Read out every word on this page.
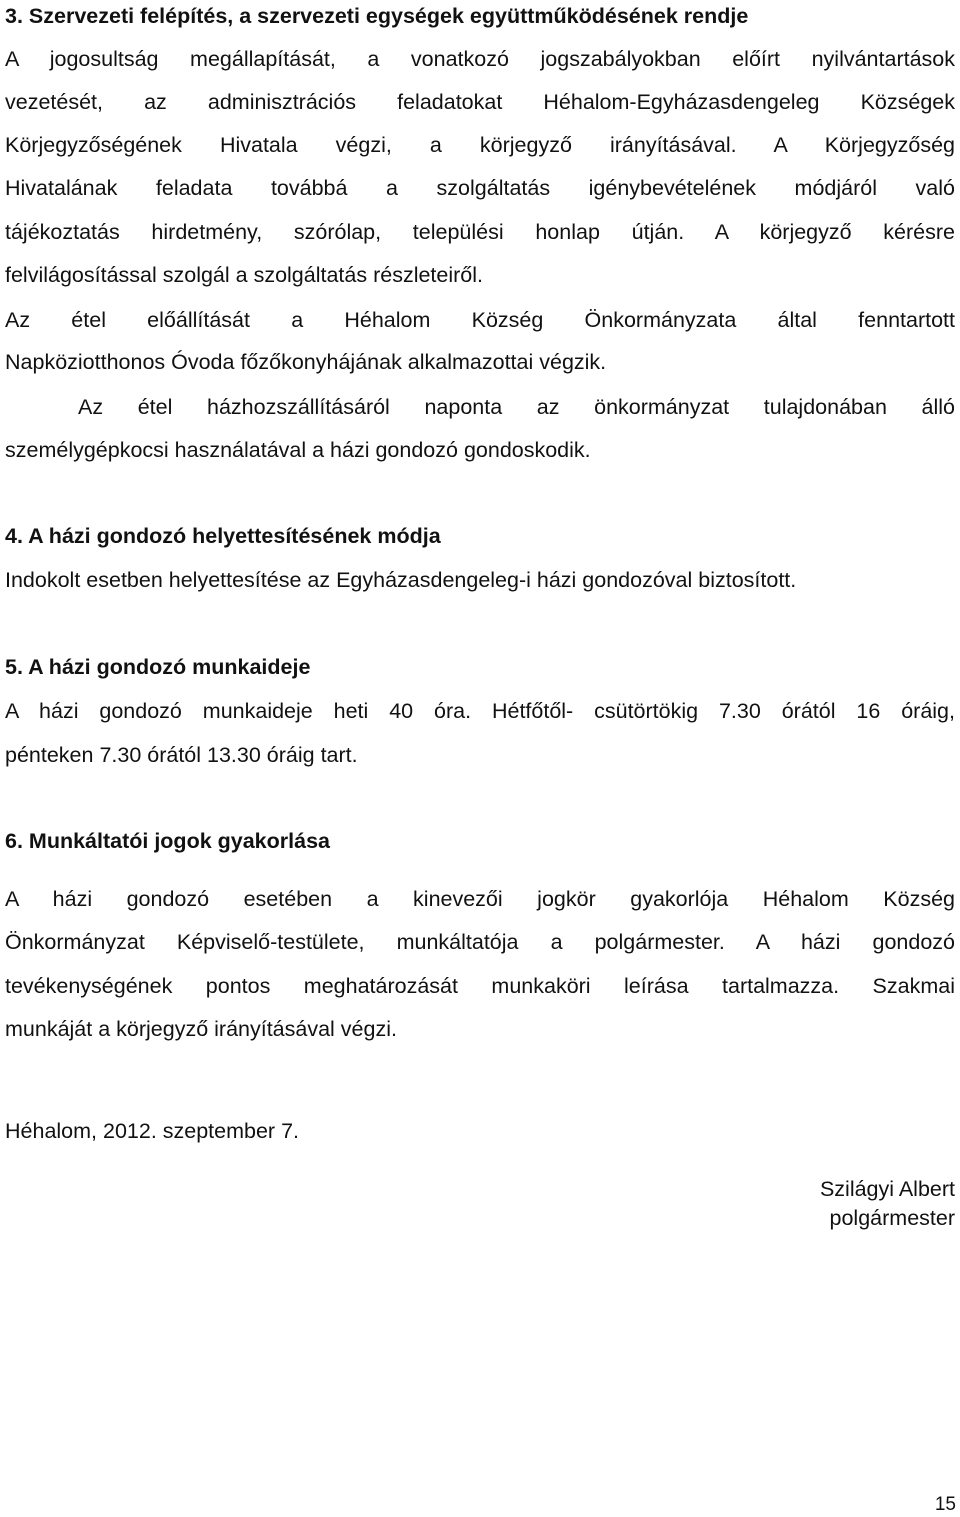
3. Szervezeti felépítés, a szervezeti egységek együttműködésének rendje
A jogosultság megállapítását, a vonatkozó jogszabályokban előírt nyilvántartások
vezetését, az adminisztrációs feladatokat Héhalom-Egyházasdengeleg Községek
Körjegyzőségének Hivatala végzi, a körjegyző irányításával. A Körjegyzőség
Hivatalának feladata továbbá a szolgáltatás igénybevételének módjáról való
tájékoztatás hirdetmény, szórólap, települési honlap útján. A körjegyző kérésre
felvilágosítással szolgál a szolgáltatás részleteiről.
Az étel előállítását a Héhalom Község Önkormányzata által fenntartott
Napköziotthonos Óvoda főzőkonyhájának alkalmazottai végzik.
Az étel házhozszállításáról naponta az önkormányzat tulajdonában álló
személygépkocsi használatával a házi gondozó gondoskodik.
4. A házi gondozó helyettesítésének módja
Indokolt esetben helyettesítése az Egyházasdengeleg-i házi gondozóval biztosított.
5. A házi gondozó munkaideje
A házi gondozó munkaideje heti 40 óra. Hétfőtől- csütörtökig 7.30 órától 16 óráig,
pénteken 7.30 órától 13.30 óráig tart.
6. Munkáltatói jogok gyakorlása
A házi gondozó esetében a kinevezői jogkör gyakorlója Héhalom Község
Önkormányzat Képviselő-testülete, munkáltatója a polgármester. A házi gondozó
tevékenységének pontos meghatározását munkaköri leírása tartalmazza. Szakmai
munkáját a körjegyző irányításával végzi.
Héhalom, 2012. szeptember 7.
Szilágyi Albert
polgármester
15
